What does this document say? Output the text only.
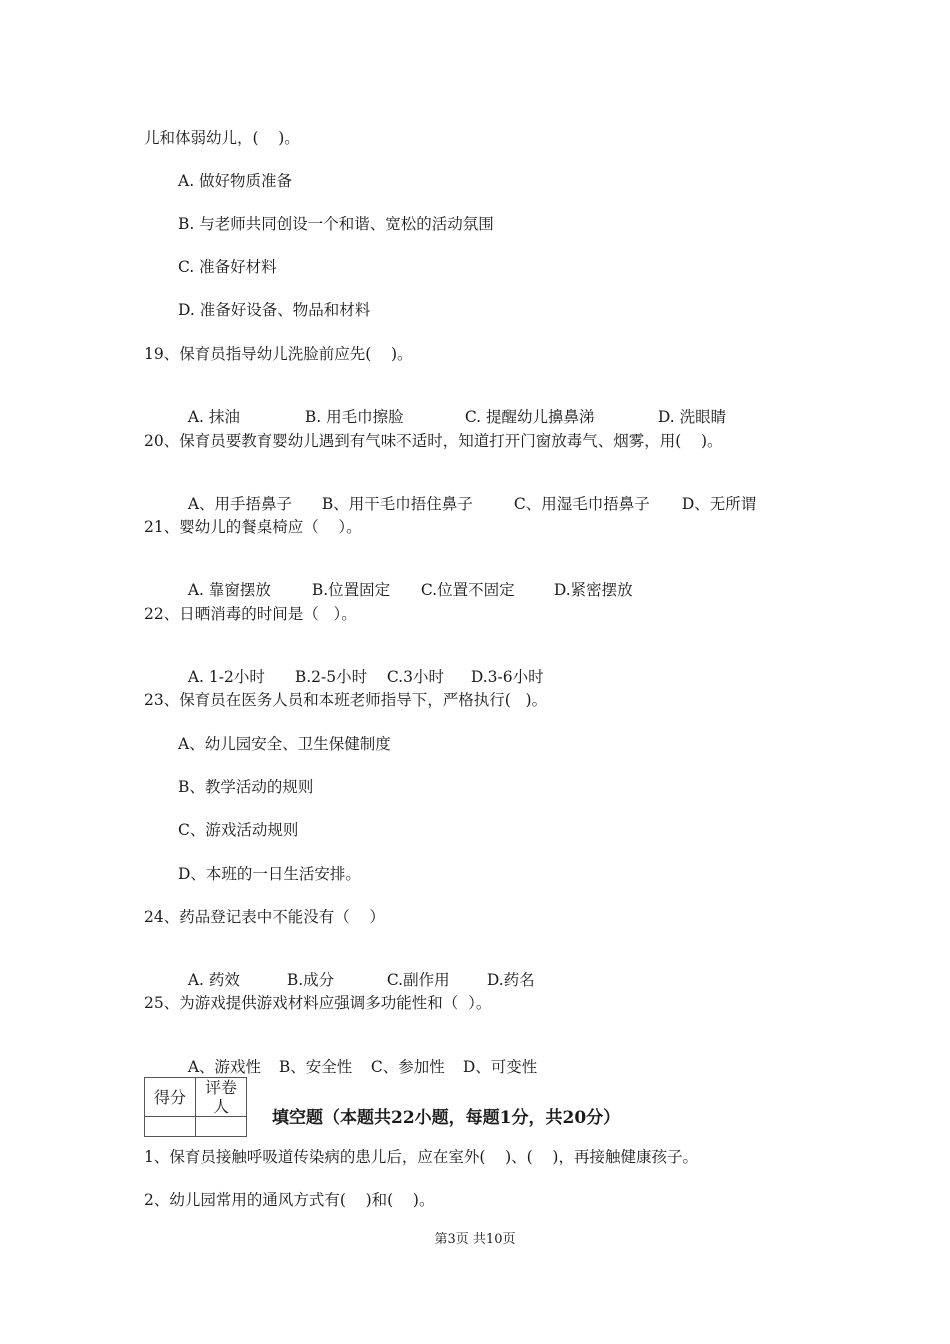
儿和体弱幼儿，(    )。
A. 做好物质准备
B. 与老师共同创设一个和谐、宽松的活动氛围
C. 准备好材料
D. 准备好设备、物品和材料
19、保育员指导幼儿洗脸前应先(    )。

A. 抹油	B. 用毛巾擦脸	C. 提醒幼儿擤鼻涕	D. 洗眼睛

20、保育员要教育婴幼儿遇到有气味不适时，知道打开门窗放毒气、烟雾，用(    )。

A、用手捂鼻子 B、用干毛巾捂住鼻子	C、用湿毛巾捂鼻子 D、无所谓

21、婴幼儿的餐桌椅应（    ）。

A. 靠窗摆放	B.位置固定 C.位置不固定	D.紧密摆放

22、日晒消毒的时间是（   ）。

A. 1-2小时 B.2-5小时 C.3小时 D.3-6小时

23、保育员在医务人员和本班老师指导下，严格执行(   )。
A、幼儿园安全、卫生保健制度
B、教学活动的规则
C、游戏活动规则
D、本班的一日生活安排。
24、药品登记表中不能没有（    ）

A. 药效	B.成分	C.副作用 D.药名

25、为游戏提供游戏材料应强调多功能性和（  ）。

A、游戏性 B、安全性 C、参加性 D、可变性

得分	评卷人

填空题（本题共22小题，每题1分，共20分）
1、保育员接触呼吸道传染病的患儿后，应在室外(    )、(    )，再接触健康孩子。
2、幼儿园常用的通风方式有(    )和(    )。
第3页 共10页
